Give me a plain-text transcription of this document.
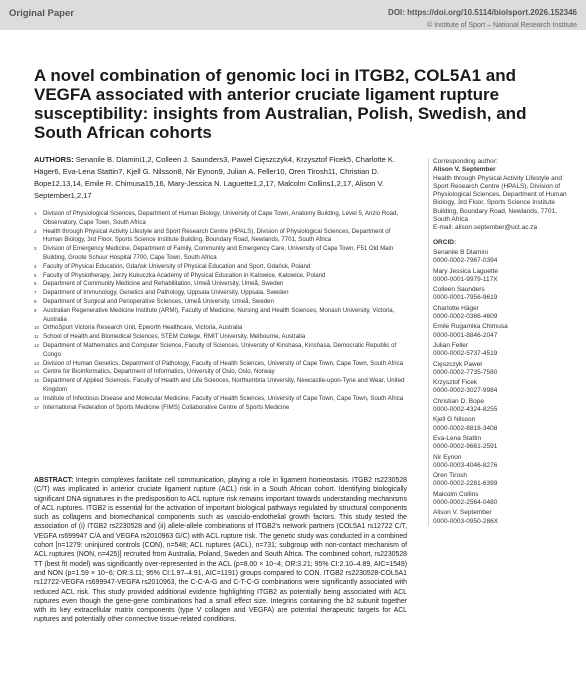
Original Paper	DOI: https://doi.org/10.5114/biolsport.2026.152346
© Institute of Sport – National Research Institute
A novel combination of genomic loci in ITGB2, COL5A1 and VEGFA associated with anterior cruciate ligament rupture susceptibility: insights from Australian, Polish, Swedish, and South African cohorts
AUTHORS: Senanile B. Dlamini1,2, Colleen J. Saunders3, Paweł Cięszczyk4, Krzysztof Ficek5, Charlotte K. Häger6, Eva-Lena Stattin7, Kjell G. Nilsson8, Nir Eynon9, Julian A. Feller10, Oren Tirosh11, Christian D. Bope12,13,14, Emile R. Chimusa15,16, Mary-Jessica N. Laguette1,2,17, Malcolm Collins1,2,17, Alison V. September1,2,17
1	Division of Physiological Sciences, Department of Human Biology, University of Cape Town, Anatomy Building, Level 5, Anzio Road, Observatory, Cape Town, South Africa
2	Health through Physical Activity Lifestyle and Sport Research Centre (HPALS), Division of Physiological Sciences, Department of Human Biology, 3rd Floor, Sports Science Institute Building, Boundary Road, Newlands, 7701, South Africa
3	Division of Emergency Medicine, Department of Family, Community and Emergency Care, University of Cape Town, F51 Old Main Building, Groote Schuur Hospital 7700, Cape Town, South Africa
4	Faculty of Physical Education, Gdańsk University of Physical Education and Sport, Gdańsk, Poland
5	Faculty of Physiotherapy, Jerzy Kukuczka Academy of Physical Education in Katowice, Katowice, Poland
6	Department of Community Medicine and Rehabilitation, Umeå University, Umeå, Sweden
7	Department of Immunology, Genetics and Pathology, Uppsala University, Uppsala, Sweden
8	Department of Surgical and Perioperative Sciences, Umeå University, Umeå, Sweden
9	Australian Regenerative Medicine Institute (ARMI), Faculty of Medicine, Nursing and Health Sciences, Monash University, Victoria, Australia
10 OrthoSport Victoria Research Unit, Epworth Healthcare, Victoria, Australia
11 School of Health and Biomedical Sciences, STEM College, RMIT University, Melbourne, Australia
12 Department of Mathematics and Computer Science, Faculty of Sciences, University of Kinshasa, Kinshasa, Democratic Republic of Congo
13 Division of Human Genetics, Department of Pathology, Faculty of Health Sciences, University of Cape Town, Cape Town, South Africa
14 Centre for Bioinformatics, Department of Informatics, University of Oslo, Oslo, Norway
15 Department of Applied Sciences, Faculty of Health and Life Sciences, Northumbria University, Newcastle-upon-Tyne and Wear, United Kingdom
16 Institute of Infectious Disease and Molecular Medicine, Faculty of Health Sciences, University of Cape Town, Cape Town, South Africa
17 International Federation of Sports Medicine (FIMS) Collaborative Centre of Sports Medicine
ABSTRACT: Integrin complexes facilitate cell communication, playing a role in ligament homeostasis. ITGB2 rs2230528 (C/T) was implicated in anterior cruciate ligament rupture (ACL) risk in a South African cohort. Identifying biologically significant DNA signatures in the predisposition to ACL rupture risk remains important towards understanding mechanisms of ACL ruptures. ITGB2 is essential for the activation of important biological pathways regulated by structural components such as collagens and biomechanical components such as vasculo-endothelial growth factors. This study tested the association of (i) ITGB2 rs2230528 and (ii) allele-allele combinations of ITGB2's network partners (COL5A1 rs12722 C/T, VEGFA rs699947 C/A and VEGFA rs2010963 G/C) with ACL rupture risk. The genetic study was conducted in a combined cohort [n=1279: uninjured controls (CON), n=548; ACL ruptures (ACL), n=731; subgroup with non-contact mechanism of ACL ruptures (NON, n=425)] recruited from Australia, Poland, Sweden and South Africa. The combined cohort, rs2230528 TT (best fit model) was significantly over-represented in the ACL (p=8.00 × 10−4; OR:3.21; 95% CI:2.10–4.89, AIC=1549) and NON (p=1.59 × 10−6; OR:3.11; 95% CI:1.97–4.91, AIC=1191) groups compared to CON. ITGB2 rs2230528-COL5A1 rs12722-VEGFA rs699947-VEGFA rs2010963, the C-C-A-G and C-T-C-G combinations were significantly associated with reduced ACL risk. This study provided additional evidence highlighting ITGB2 as potentially being associated with ACL ruptures even though the gene-gene combinations had a small effect size. Integrins containing the b2 subunit together with its key extracellular matrix components (type V collagen and VEGFA) are potential therapeutic targets for ACL ruptures and potentially other connective tissue-related conditions.
Corresponding author:
Alison V. September
Health through Physical Activity Lifestyle and Sport Research Centre (HPALS), Division of Physiological Sciences, Department of Human Biology, 3rd Floor, Sports Science Institute Building, Boundary Road, Newlands, 7701, South Africa
E-mail: alison.september@uct.ac.za
ORCID:
Senanile B Dlamini
0000-0002-7967-0394
Mary Jessica Laguette
0000-0001-9979-117X
Colleen Saunders
0000-0001-7956-9619
Charlotte Häger
0000-0002-0366-4609
Emile Rugamika Chimusa
0000-0001-8846-2047
Julian Feller
0000-0002-5737-4519
Cięszczyk Paweł
0000-0002-7735-7580
Krzysztof Ficek
0000-0002-3027-9984
Christian D. Bope
0000-0002-4324-8255
Kjell G Nilsson
0000-0002-8818-3408
Eva-Lena Stattin
0000-0002-9661-2591
Nir Eynon
0000-0003-4046-8276
Oren Tirosh
0000-0002-2281-6399
Malcolm Collins
0000-0002-2564-0480
Alison V. September
0000-0003-0950-286X
